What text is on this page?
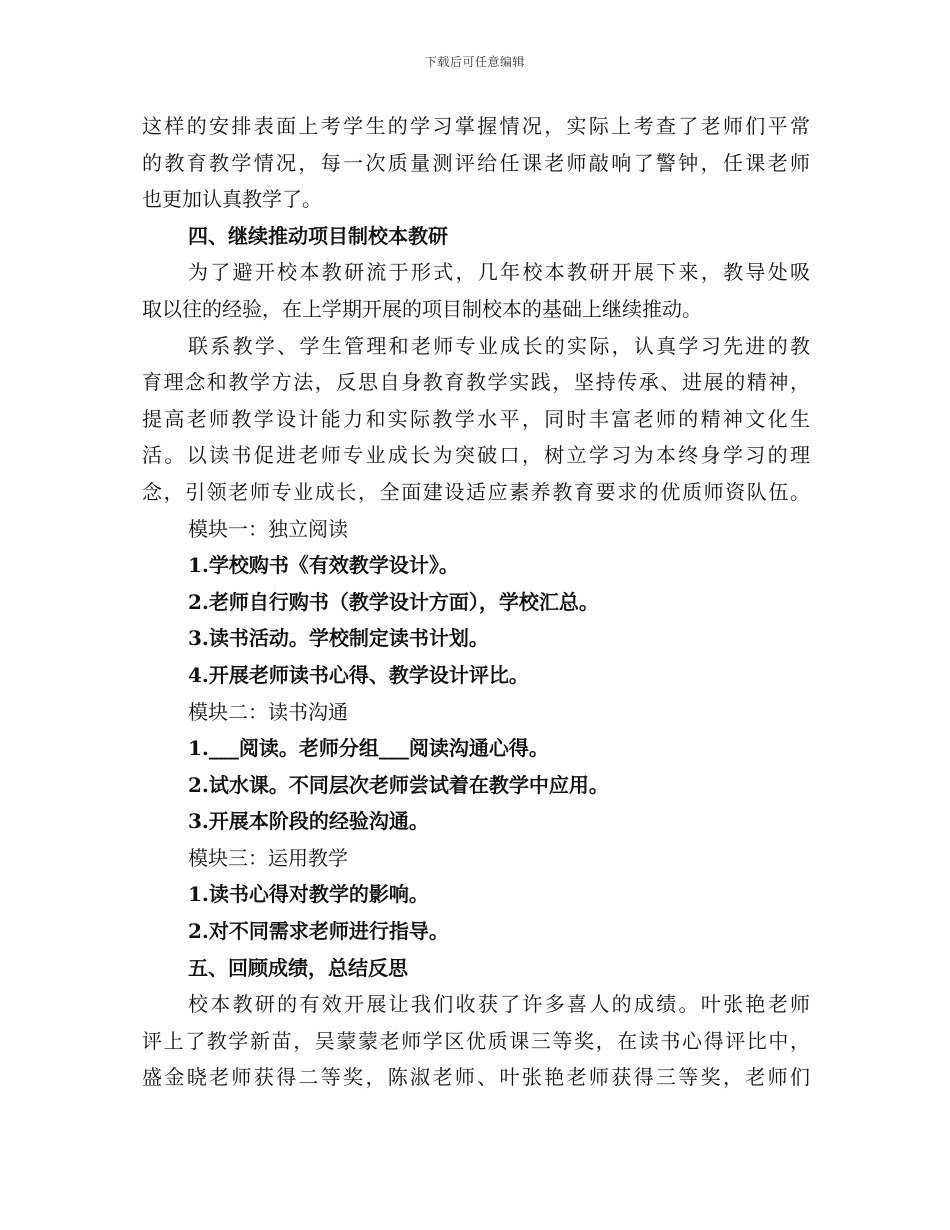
下载后可任意编辑
这样的安排表面上考学生的学习掌握情况，实际上考查了老师们平常
的教育教学情况，每一次质量测评给任课老师敲响了警钟，任课老师
也更加认真教学了。
四、继续推动项目制校本教研
为了避开校本教研流于形式，几年校本教研开展下来，教导处吸
取以往的经验，在上学期开展的项目制校本的基础上继续推动。
联系教学、学生管理和老师专业成长的实际，认真学习先进的教
育理念和教学方法，反思自身教育教学实践，坚持传承、进展的精神，
提高老师教学设计能力和实际教学水平，同时丰富老师的精神文化生
活。以读书促进老师专业成长为突破口，树立学习为本终身学习的理
念，引领老师专业成长，全面建设适应素养教育要求的优质师资队伍。
模块一：独立阅读
1.学校购书《有效教学设计》。
2.老师自行购书（教学设计方面），学校汇总。
3.读书活动。学校制定读书计划。
4.开展老师读书心得、教学设计评比。
模块二：读书沟通
1.___阅读。老师分组___阅读沟通心得。
2.试水课。不同层次老师尝试着在教学中应用。
3.开展本阶段的经验沟通。
模块三：运用教学
1.读书心得对教学的影响。
2.对不同需求老师进行指导。
五、回顾成绩，总结反思
校本教研的有效开展让我们收获了许多喜人的成绩。叶张艳老师
评上了教学新苗，吴蒙蒙老师学区优质课三等奖，在读书心得评比中，
盛金晓老师获得二等奖，陈淑老师、叶张艳老师获得三等奖，老师们
